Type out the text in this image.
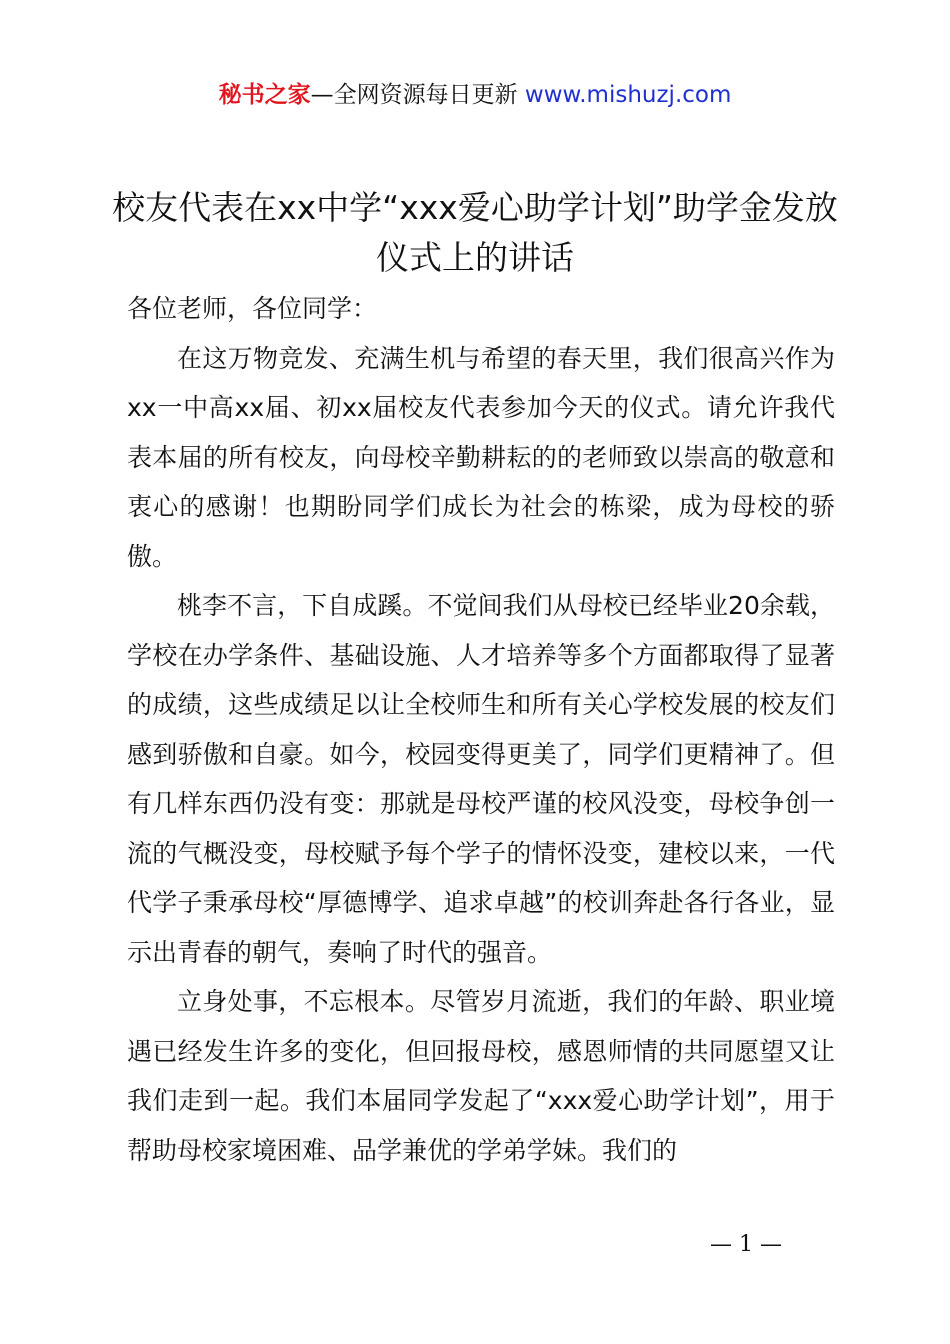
秘书之家—全网资源每日更新 www.mishuzj.com
校友代表在xx中学“xxx爱心助学计划”助学金发放仪式上的讲话

各位老师，各位同学：

在这万物竞发、充满生机与希望的春天里，我们很高兴作为xx一中高xx届、初xx届校友代表参加今天的仪式。请允许我代表本届的所有校友，向母校辛勤耕耘的的老师致以崇高的敬意和衷心的感谢！也期盼同学们成长为社会的栋梁，成为母校的骄傲。

桃李不言，下自成蹊。不觉间我们从母校已经毕业20余载，学校在办学条件、基础设施、人才培养等多个方面都取得了显著的成绩，这些成绩足以让全校师生和所有关心学校发展的校友们感到骄傲和自豪。如今，校园变得更美了，同学们更精神了。但有几样东西仍没有变：那就是母校严谨的校风没变，母校争创一流的气概没变，母校赋予每个学子的情怀没变，建校以来，一代代学子秉承母校“厚德博学、追求卓越”的校训奔赴各行各业，显示出青春的朝气，奏响了时代的强音。

立身处事，不忘根本。尽管岁月流逝，我们的年龄、职业境遇已经发生许多的变化，但回报母校，感恩师情的共同愿望又让我们走到一起。我们本届同学发起了“xxx爱心助学计划”，用于帮助母校家境困难、品学兼优的学弟学妹。我们的

— 1 —
